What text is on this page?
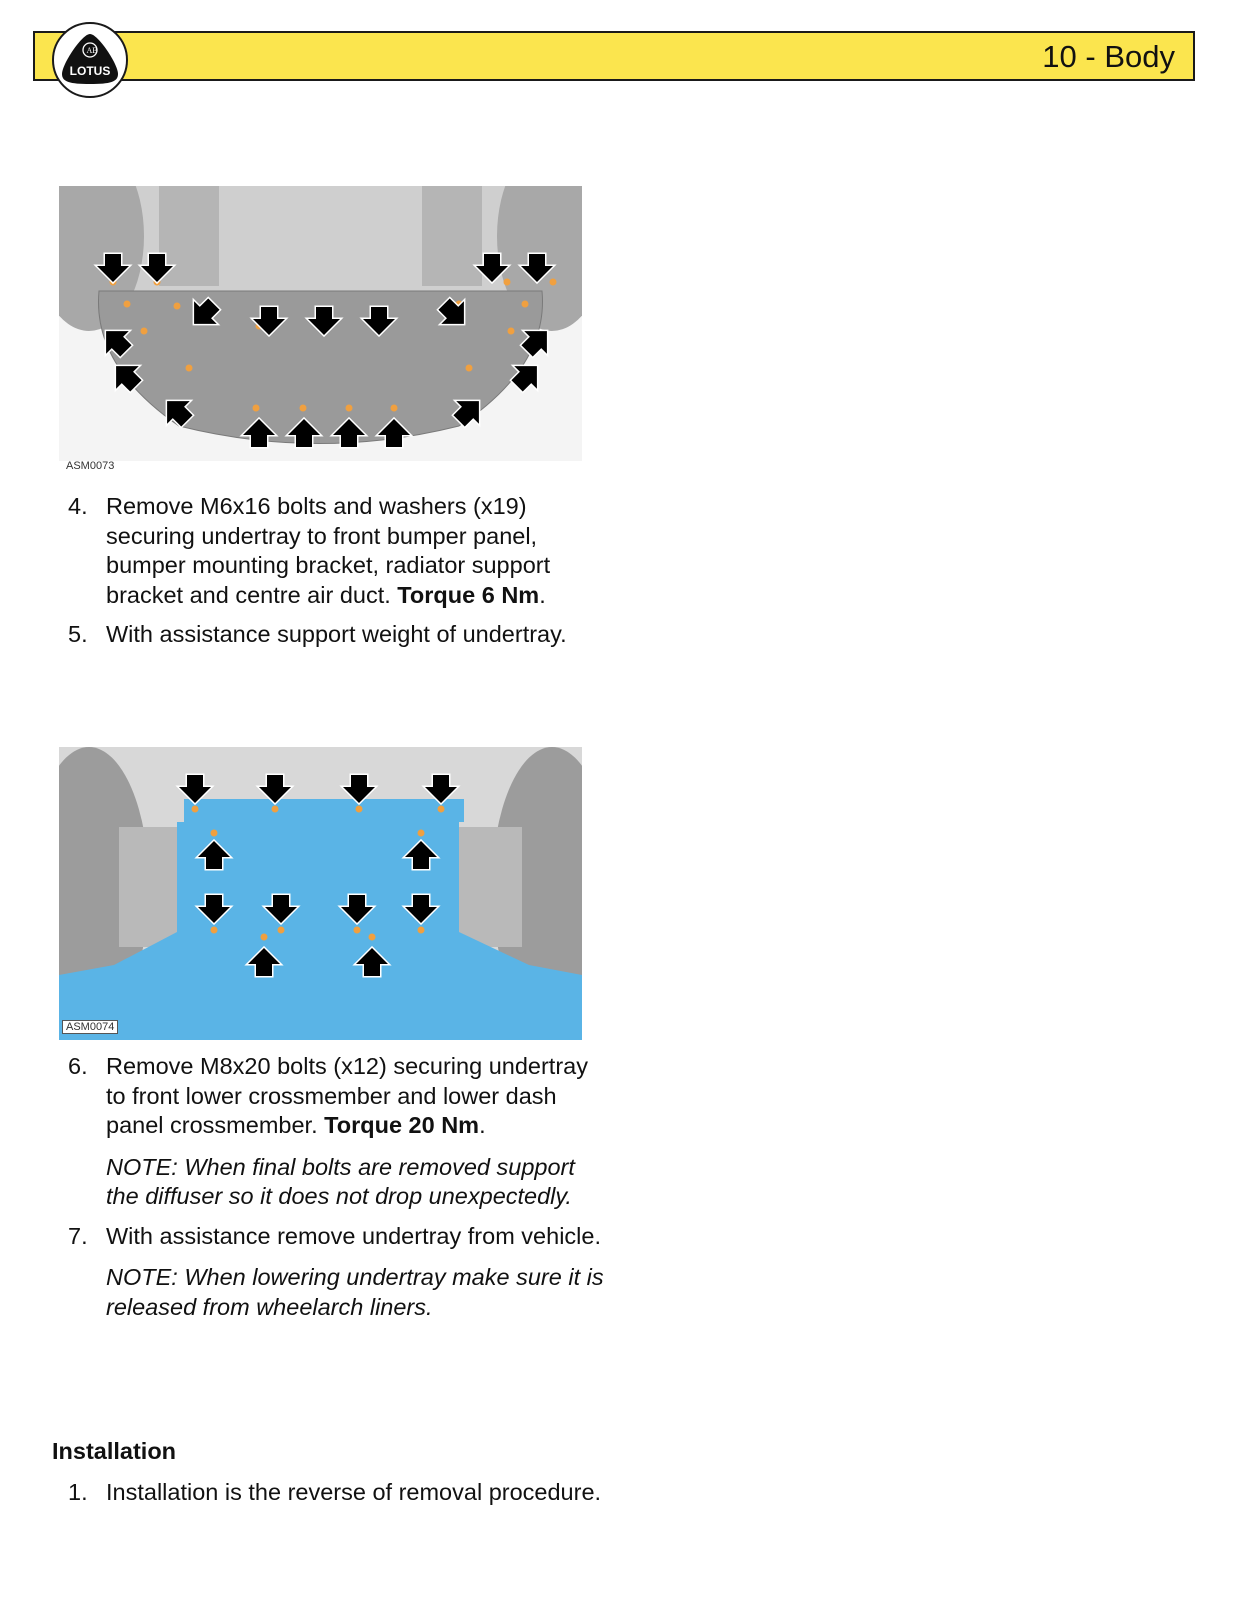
10 - Body
AB
LOTUS
ASM0073
4. Remove M6x16 bolts and washers (x19) securing undertray to front bumper panel, bumper mounting bracket, radiator support bracket and centre air duct. Torque 6 Nm.
5. With assistance support weight of undertray.
ASM0074
6. Remove M8x20 bolts (x12) securing undertray to front lower crossmember and lower dash panel crossmember. Torque 20 Nm.
NOTE: When final bolts are removed support the diffuser so it does not drop unexpectedly.
7. With assistance remove undertray from vehicle.
NOTE: When lowering undertray make sure it is released from wheelarch liners.
Installation
1. Installation is the reverse of removal procedure.
